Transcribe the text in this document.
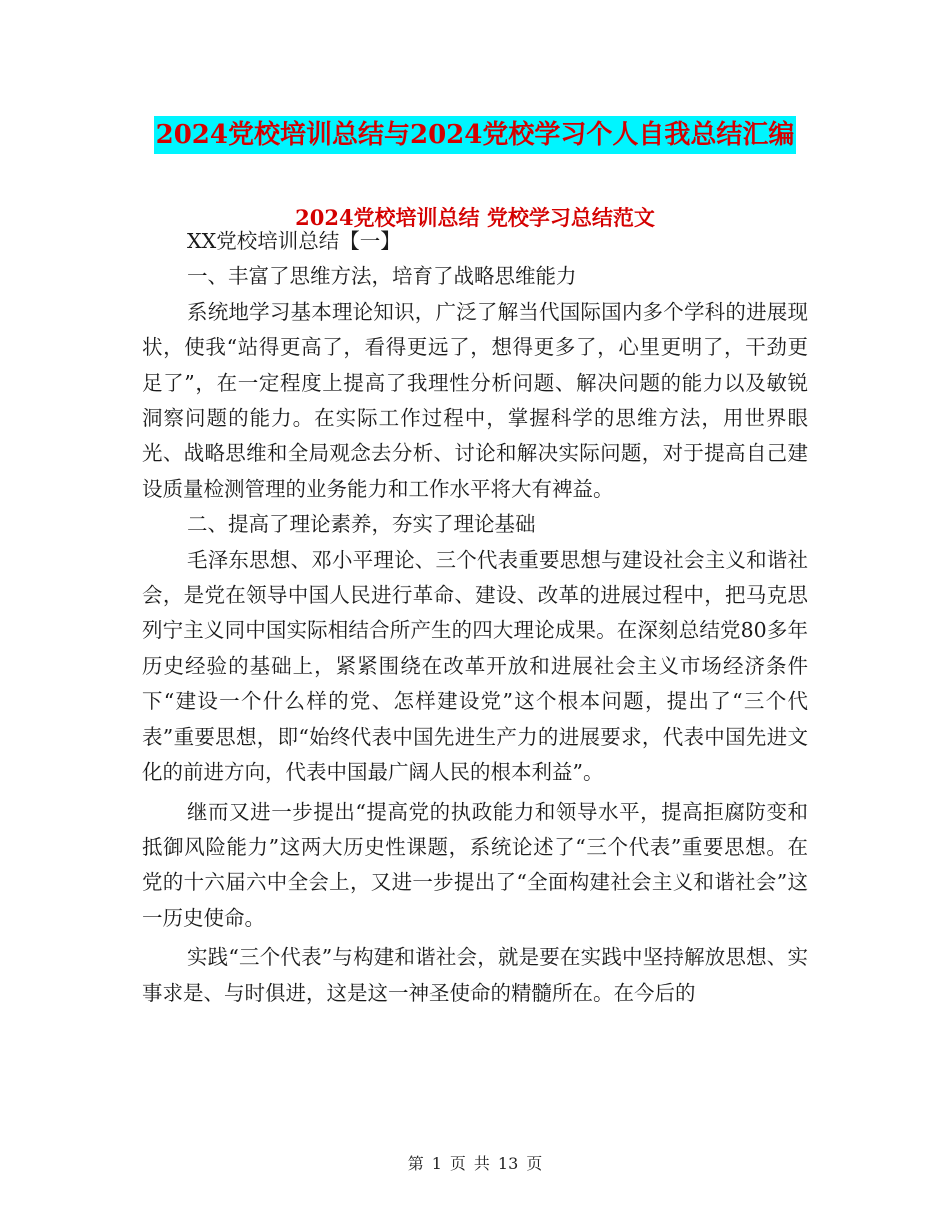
2024党校培训总结与2024党校学习个人自我总结汇编
2024党校培训总结 党校学习总结范文

XX党校培训总结【一】

一、丰富了思维方法，培育了战略思维能力

系统地学习基本理论知识，广泛了解当代国际国内多个学科的进展现状，使我“站得更高了，看得更远了，想得更多了，心里更明了，干劲更足了”，在一定程度上提高了我理性分析问题、解决问题的能力以及敏锐洞察问题的能力。在实际工作过程中，掌握科学的思维方法，用世界眼光、战略思维和全局观念去分析、讨论和解决实际问题，对于提高自己建设质量检测管理的业务能力和工作水平将大有裨益。

二、提高了理论素养，夯实了理论基础

毛泽东思想、邓小平理论、三个代表重要思想与建设社会主义和谐社会，是党在领导中国人民进行革命、建设、改革的进展过程中，把马克思列宁主义同中国实际相结合所产生的四大理论成果。在深刻总结党80多年历史经验的基础上，紧紧围绕在改革开放和进展社会主义市场经济条件下“建设一个什么样的党、怎样建设党”这个根本问题，提出了“三个代表”重要思想，即“始终代表中国先进生产力的进展要求，代表中国先进文化的前进方向，代表中国最广阔人民的根本利益”。

继而又进一步提出“提高党的执政能力和领导水平，提高拒腐防变和抵御风险能力”这两大历史性课题，系统论述了“三个代表”重要思想。在党的十六届六中全会上，又进一步提出了“全面构建社会主义和谐社会”这一历史使命。

实践“三个代表”与构建和谐社会，就是要在实践中坚持解放思想、实事求是、与时俱进，这是这一神圣使命的精髓所在。在今后的

第 1 页 共 13 页
